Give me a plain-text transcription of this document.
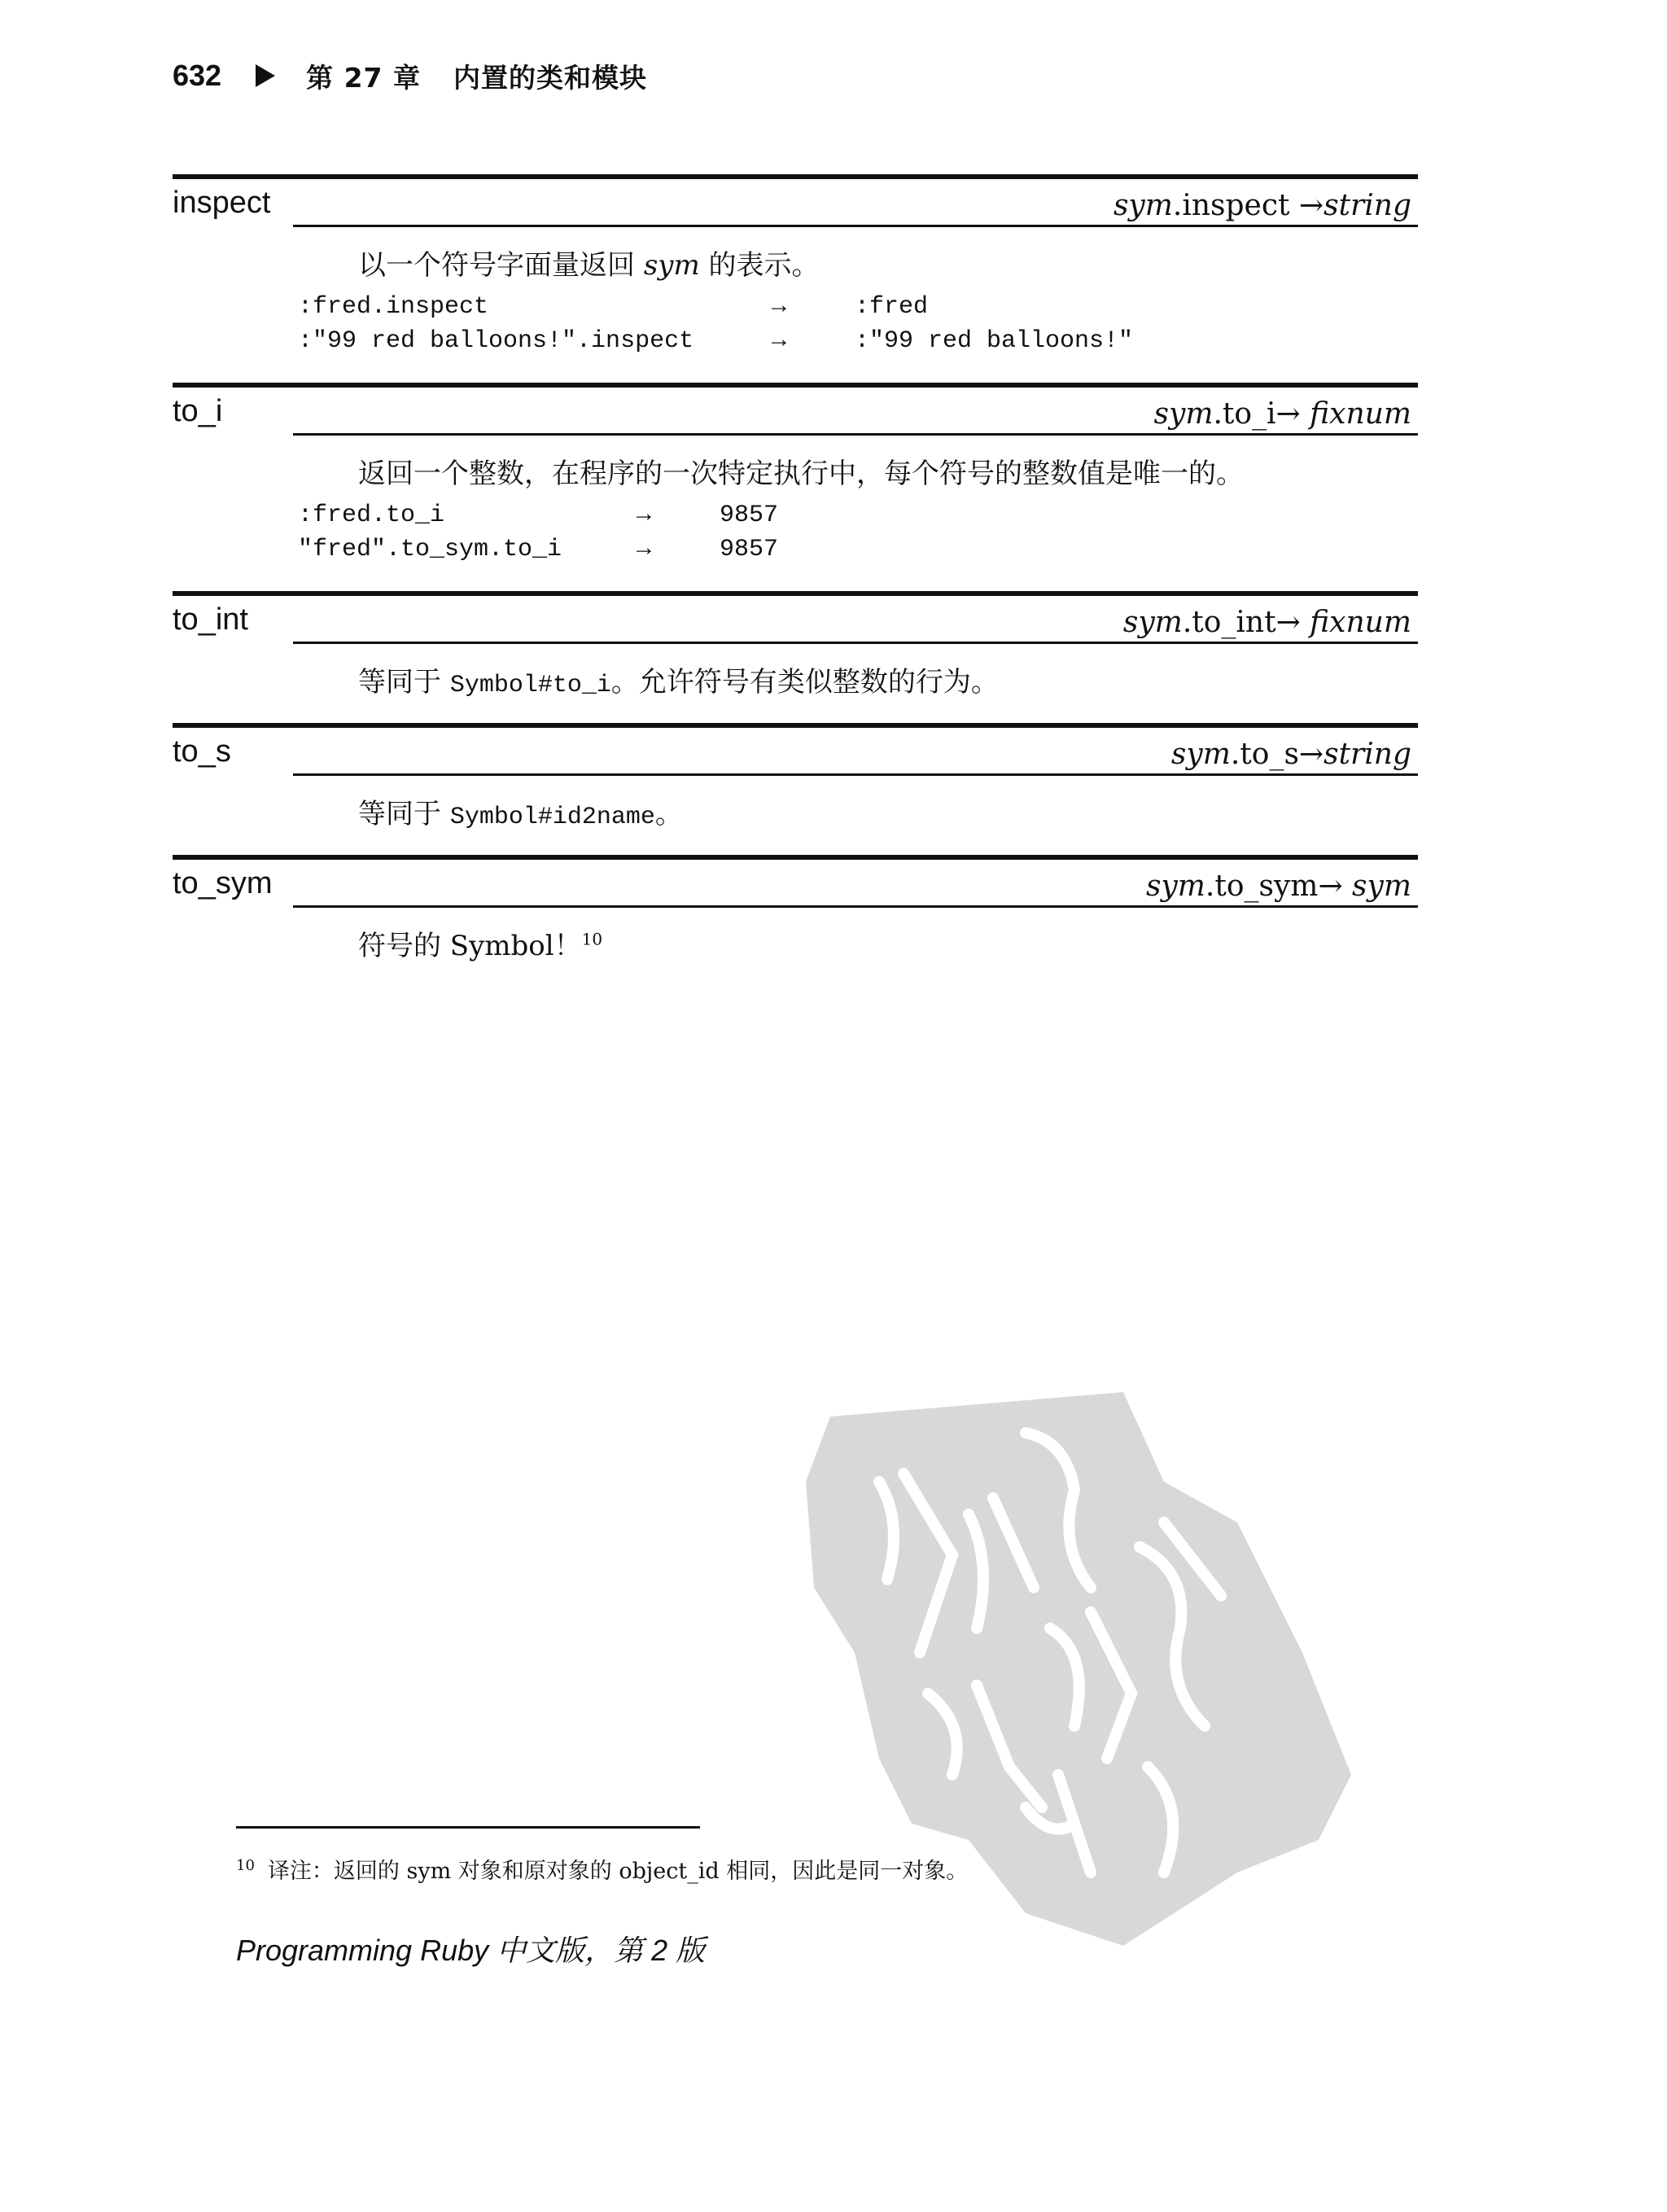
632	第 27 章 内置的类和模块
inspect	sym.inspect →string
以一个符号字面量返回 sym 的表示。
:fred.inspect	→	:fred
:"99 red balloons!".inspect	→	:"99 red balloons!"
to_i	sym.to_i→ fixnum
返回一个整数，在程序的一次特定执行中，每个符号的整数值是唯一的。
:fred.to_i	→	9857
"fred".to_sym.to_i	→	9857
to_int	sym.to_int→ fixnum
等同于 Symbol#to_i。允许符号有类似整数的行为。
to_s	sym.to_s→string
等同于 Symbol#id2name。
to_sym	sym.to_sym→ sym
符号的 Symbol！$^{10}$
$^{10}$ 译注：返回的 sym 对象和原对象的 object_id 相同，因此是同一对象。
Programming Ruby 中文版，第 2 版
